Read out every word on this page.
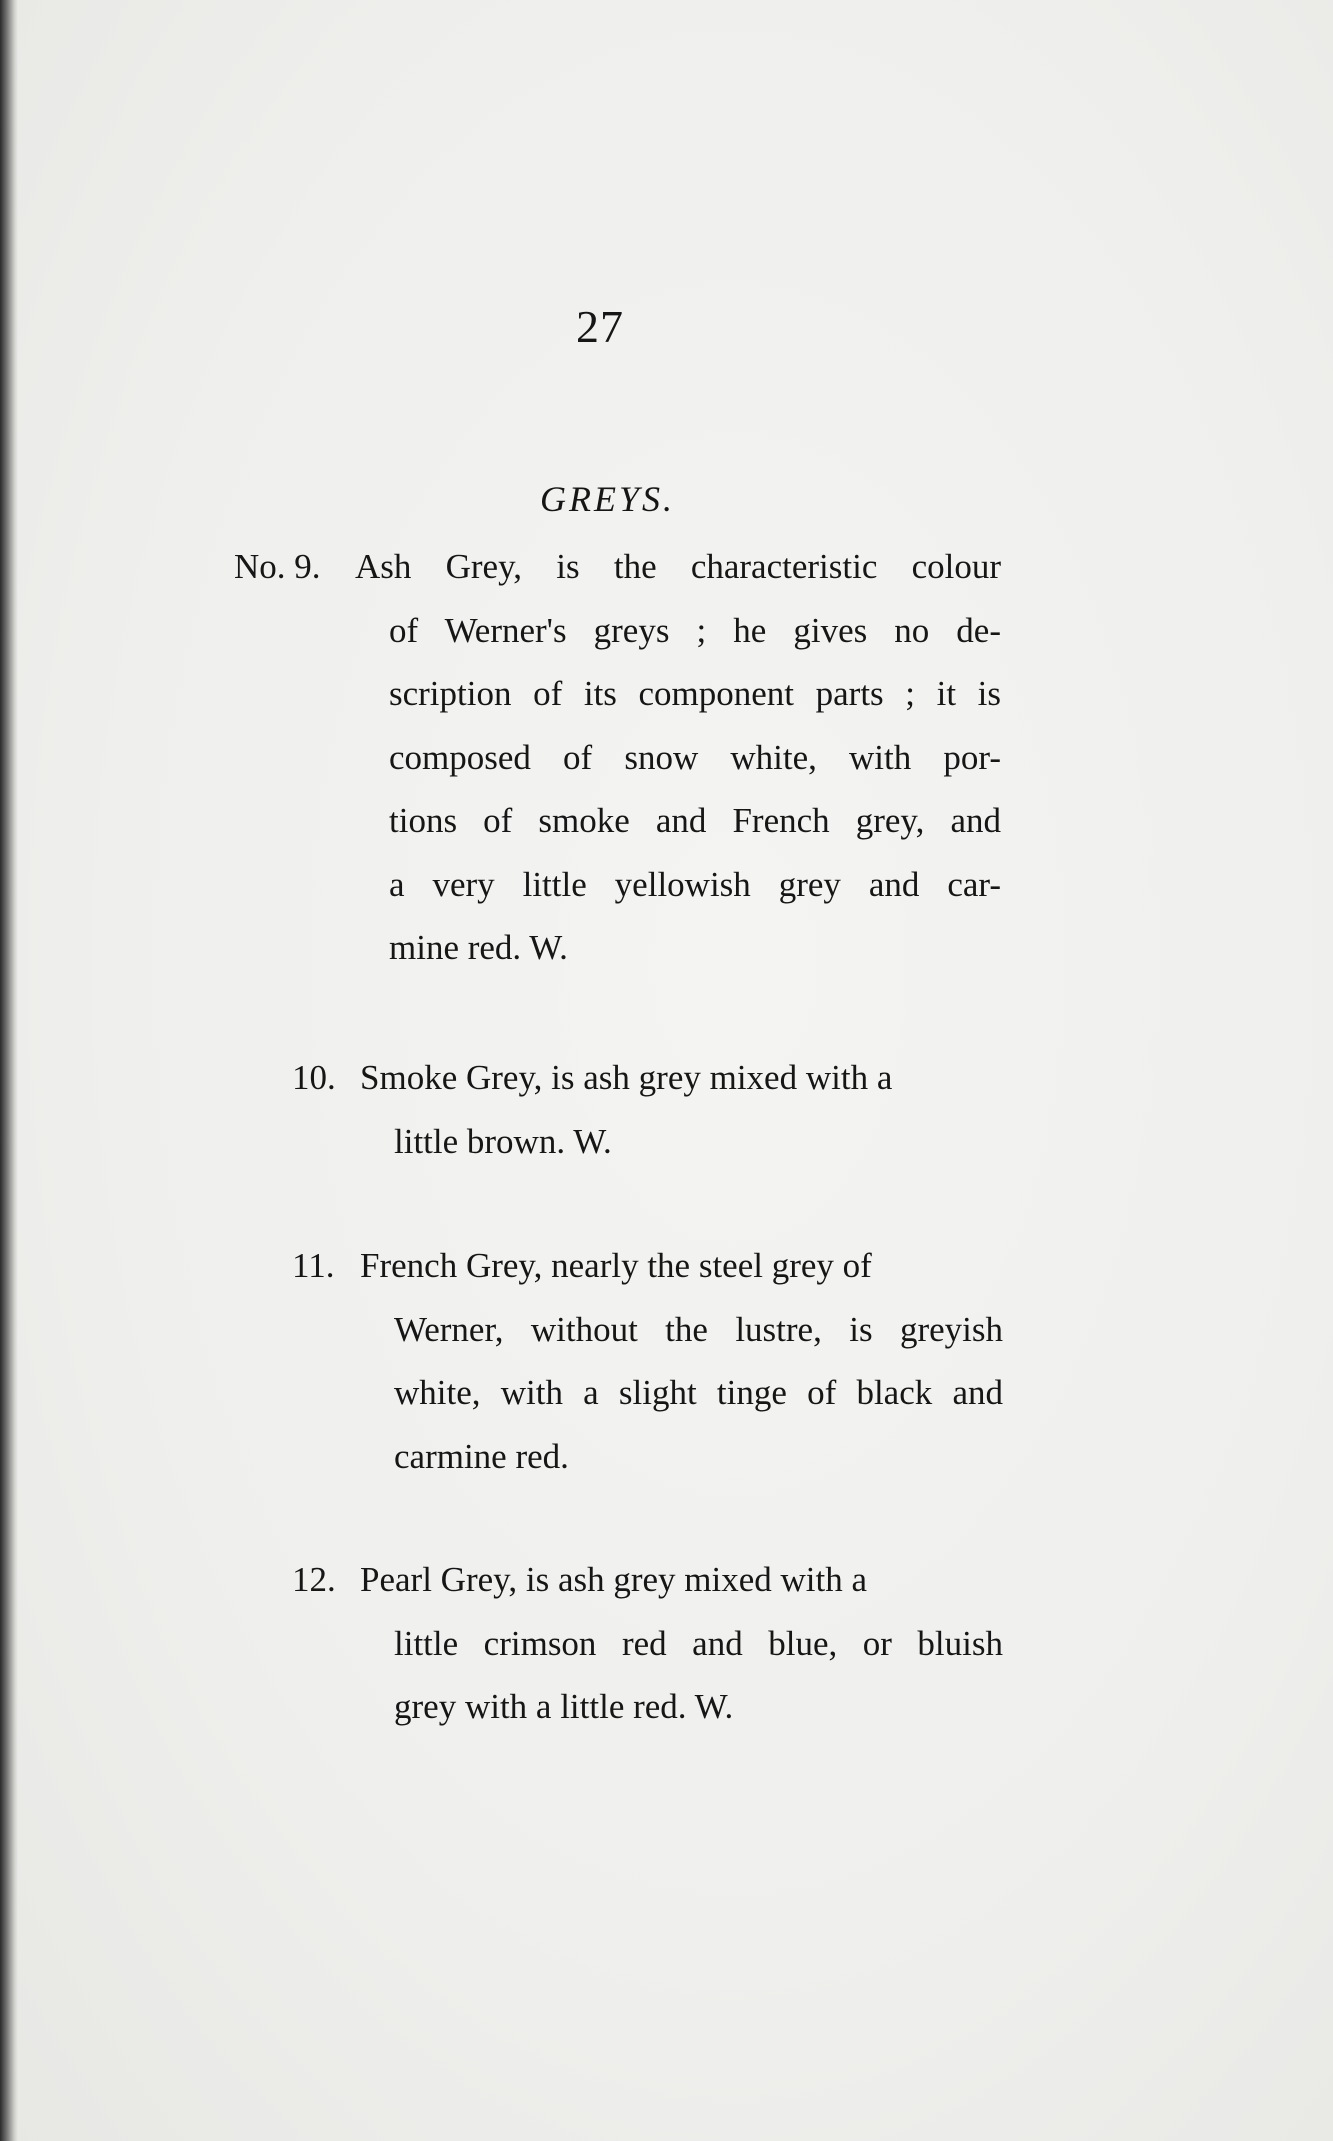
27
GREYS.
No. 9. Ash Grey, is the characteristic colour
of Werner's greys ; he gives no de-
scription of its component parts ; it is
composed of snow white, with por-
tions of smoke and French grey, and
a very little yellowish grey and car-
mine red. W.
10. Smoke Grey, is ash grey mixed with a
little brown. W.
11. French Grey, nearly the steel grey of
Werner, without the lustre, is greyish
white, with a slight tinge of black and
carmine red.
12. Pearl Grey, is ash grey mixed with a
little crimson red and blue, or bluish
grey with a little red. W.
